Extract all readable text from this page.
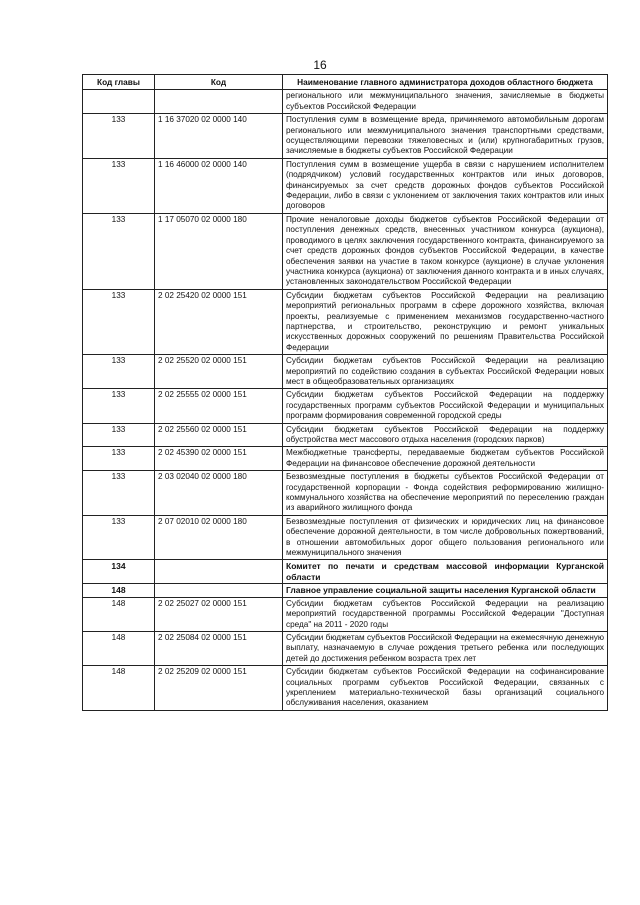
16
Код главы	Код	Наименование главного администратора доходов областного бюджета
		регионального или межмуниципального значения, зачисляемые в бюджеты субъектов Российской Федерации
133	1 16 37020 02 0000 140	Поступления сумм в возмещение вреда, причиняемого автомобильным дорогам регионального или межмуниципального значения транспортными средствами, осуществляющими перевозки тяжеловесных и (или) крупногабаритных грузов, зачисляемые в бюджеты субъектов Российской Федерации
133	1 16 46000 02 0000 140	Поступления сумм в возмещение ущерба в связи с нарушением исполнителем (подрядчиком) условий государственных контрактов или иных договоров, финансируемых за счет средств дорожных фондов субъектов Российской Федерации, либо в связи с уклонением от заключения таких контрактов или иных договоров
133	1 17 05070 02 0000 180	Прочие неналоговые доходы бюджетов субъектов Российской Федерации от поступления денежных средств, внесенных участником конкурса (аукциона), проводимого в целях заключения государственного контракта, финансируемого за счет средств дорожных фондов субъектов Российской Федерации, в качестве обеспечения заявки на участие в таком конкурсе (аукционе) в случае уклонения участника конкурса (аукциона) от заключения данного контракта и в иных случаях, установленных законодательством Российской Федерации
133	2 02 25420 02 0000 151	Субсидии бюджетам субъектов Российской Федерации на реализацию мероприятий региональных программ в сфере дорожного хозяйства, включая проекты, реализуемые с применением механизмов государственно-частного партнерства, и строительство, реконструкцию и ремонт уникальных искусственных дорожных сооружений по решениям Правительства Российской Федерации
133	2 02 25520 02 0000 151	Субсидии бюджетам субъектов Российской Федерации на реализацию мероприятий по содействию создания в субъектах Российской Федерации новых мест в общеобразовательных организациях
133	2 02 25555 02 0000 151	Субсидии бюджетам субъектов Российской Федерации на поддержку государственных программ субъектов Российской Федерации и муниципальных программ формирования современной городской среды
133	2 02 25560 02 0000 151	Субсидии бюджетам субъектов Российской Федерации на поддержку обустройства мест массового отдыха населения (городских парков)
133	2 02 45390 02 0000 151	Межбюджетные трансферты, передаваемые бюджетам субъектов Российской Федерации на финансовое обеспечение дорожной деятельности
133	2 03 02040 02 0000 180	Безвозмездные поступления в бюджеты субъектов Российской Федерации от государственной корпорации - Фонда содействия реформированию жилищно-коммунального хозяйства на обеспечение мероприятий по переселению граждан из аварийного жилищного фонда
133	2 07 02010 02 0000 180	Безвозмездные поступления от физических и юридических лиц на финансовое обеспечение дорожной деятельности, в том числе добровольных пожертвований, в отношении автомобильных дорог общего пользования регионального или межмуниципального значения
134		Комитет по печати и средствам массовой информации Курганской области
148		Главное управление социальной защиты населения Курганской области
148	2 02 25027 02 0000 151	Субсидии бюджетам субъектов Российской Федерации на реализацию мероприятий государственной программы Российской Федерации "Доступная среда" на 2011 - 2020 годы
148	2 02 25084 02 0000 151	Субсидии бюджетам субъектов Российской Федерации на ежемесячную денежную выплату, назначаемую в случае рождения третьего ребенка или последующих детей до достижения ребенком возраста трех лет
148	2 02 25209 02 0000 151	Субсидии бюджетам субъектов Российской Федерации на софинансирование социальных программ субъектов Российской Федерации, связанных с укреплением материально-технической базы организаций социального обслуживания населения, оказанием
